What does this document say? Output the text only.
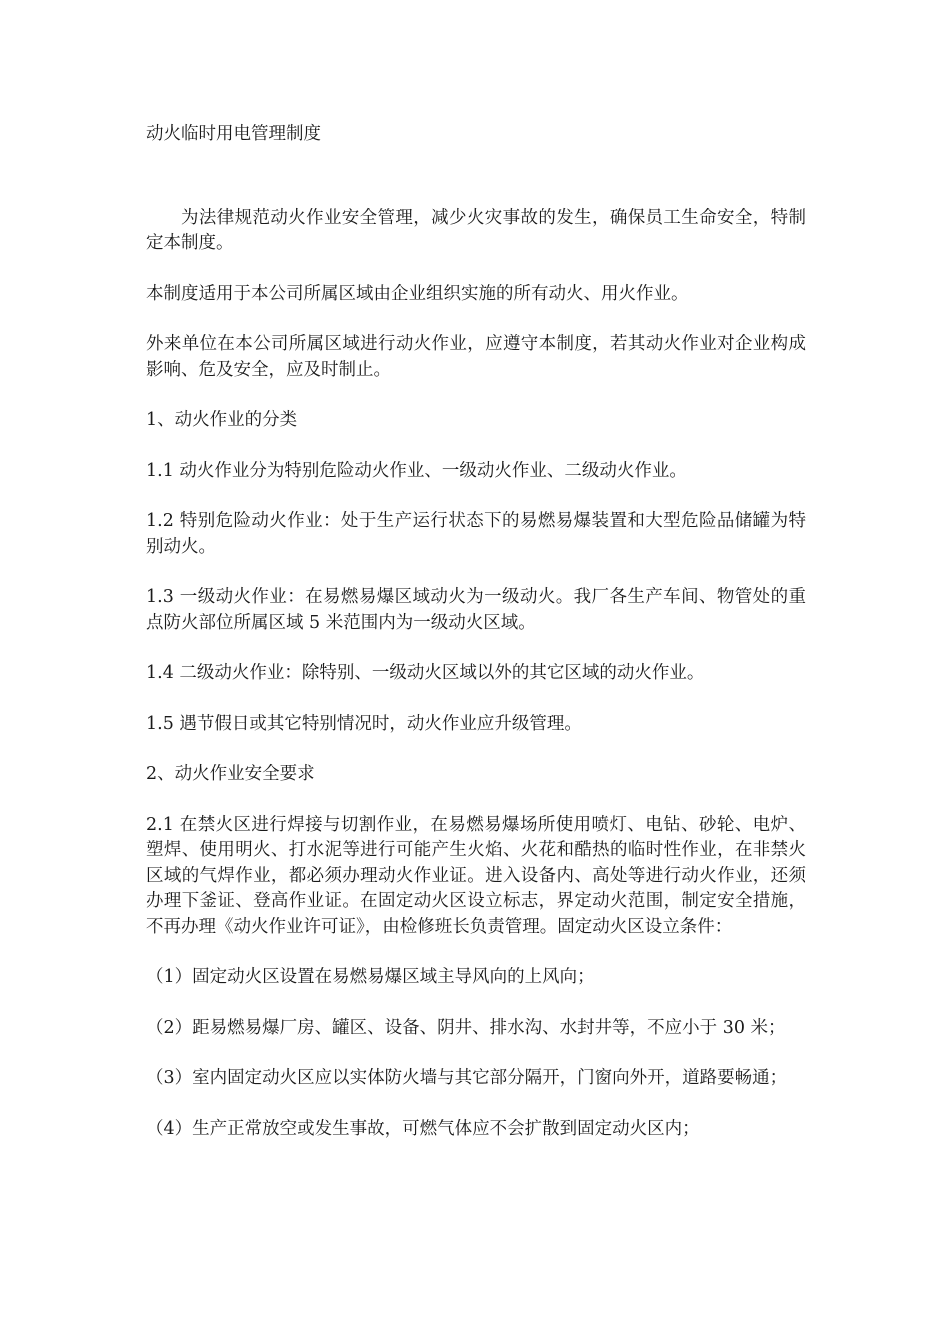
动火临时用电管理制度

为法律规范动火作业安全管理，减少火灾事故的发生，确保员工生命安全，特制定本制度。

本制度适用于本公司所属区域由企业组织实施的所有动火、用火作业。

外来单位在本公司所属区域进行动火作业，应遵守本制度，若其动火作业对企业构成影响、危及安全，应及时制止。

1、动火作业的分类

1.1 动火作业分为特别危险动火作业、一级动火作业、二级动火作业。

1.2 特别危险动火作业：处于生产运行状态下的易燃易爆装置和大型危险品储罐为特别动火。

1.3 一级动火作业：在易燃易爆区域动火为一级动火。我厂各生产车间、物管处的重点防火部位所属区域 5 米范围内为一级动火区域。

1.4 二级动火作业：除特别、一级动火区域以外的其它区域的动火作业。

1.5 遇节假日或其它特别情况时，动火作业应升级管理。

2、动火作业安全要求

2.1 在禁火区进行焊接与切割作业，在易燃易爆场所使用喷灯、电钻、砂轮、电炉、塑焊、使用明火、打水泥等进行可能产生火焰、火花和酷热的临时性作业，在非禁火区域的气焊作业，都必须办理动火作业证。进入设备内、高处等进行动火作业，还须办理下釜证、登高作业证。在固定动火区设立标志，界定动火范围，制定安全措施，不再办理《动火作业许可证》，由检修班长负责管理。固定动火区设立条件：

（1）固定动火区设置在易燃易爆区域主导风向的上风向；

（2）距易燃易爆厂房、罐区、设备、阴井、排水沟、水封井等，不应小于 30 米；

（3）室内固定动火区应以实体防火墙与其它部分隔开，门窗向外开，道路要畅通；

（4）生产正常放空或发生事故，可燃气体应不会扩散到固定动火区内；
